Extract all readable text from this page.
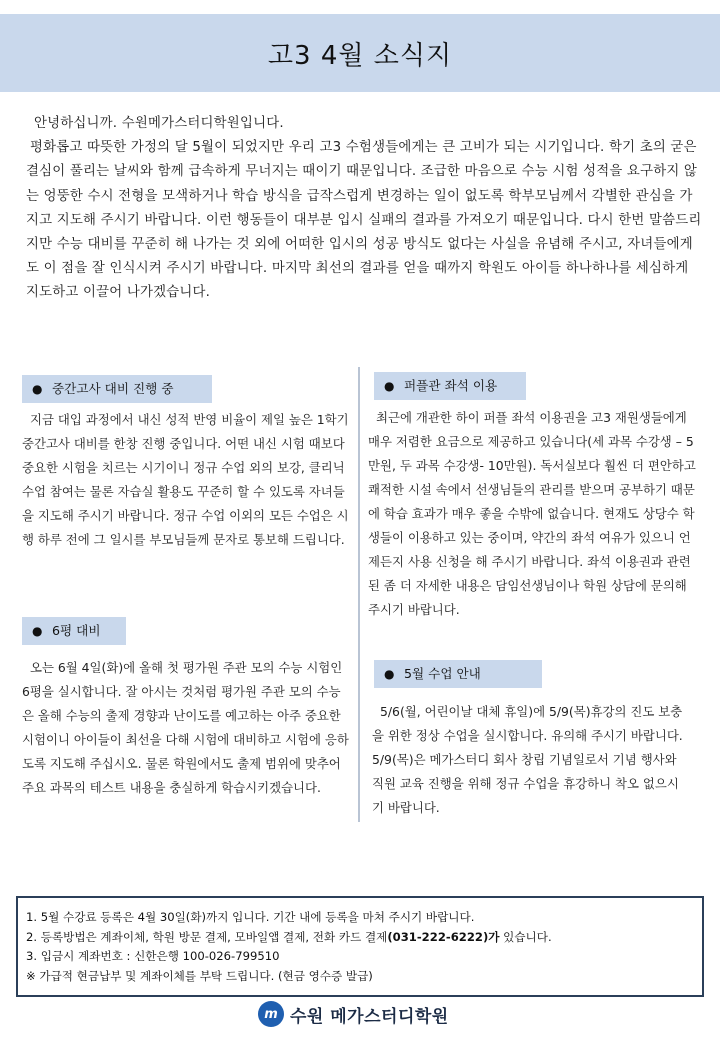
고3 4월 소식지

안녕하십니까. 수원메가스터디학원입니다.

평화롭고 따뜻한 가정의 달 5월이 되었지만 우리 고3 수험생들에게는 큰 고비가 되는 시기입니다. 학기 초의 굳은 결심이 풀리는 날씨와 함께 급속하게 무너지는 때이기 때문입니다. 조급한 마음으로 수능 시험 성적을 요구하지 않는 엉뚱한 수시 전형을 모색하거나 학습 방식을 급작스럽게 변경하는 일이 없도록 학부모님께서 각별한 관심을 가지고 지도해 주시기 바랍니다. 이런 행동들이 대부분 입시 실패의 결과를 가져오기 때문입니다. 다시 한번 말씀드리지만 수능 대비를 꾸준히 해 나가는 것 외에 어떠한 입시의 성공 방식도 없다는 사실을 유념해 주시고, 자녀들에게도 이 점을 잘 인식시켜 주시기 바랍니다. 마지막 최선의 결과를 얻을 때까지 학원도 아이들 하나하나를 세심하게 지도하고 이끌어 나가겠습니다.

● 중간고사 대비 진행 중

지금 대입 과정에서 내신 성적 반영 비율이 제일 높은 1학기 중간고사 대비를 한창 진행 중입니다. 어떤 내신 시험 때보다 중요한 시험을 치르는 시기이니 정규 수업 외의 보강, 클리닉 수업 참여는 물론 자습실 활용도 꾸준히 할 수 있도록 자녀들을 지도해 주시기 바랍니다. 정규 수업 이외의 모든 수업은 시행 하루 전에 그 일시를 부모님들께 문자로 통보해 드립니다.

● 6평 대비

오는 6월 4일(화)에 올해 첫 평가원 주관 모의 수능 시험인 6평을 실시합니다. 잘 아시는 것처럼 평가원 주관 모의 수능은 올해 수능의 출제 경향과 난이도를 예고하는 아주 중요한 시험이니 아이들이 최선을 다해 시험에 대비하고 시험에 응하도록 지도해 주십시오. 물론 학원에서도 출제 범위에 맞추어 주요 과목의 테스트 내용을 충실하게 학습시키겠습니다.

● 퍼플관 좌석 이용

최근에 개관한 하이 퍼플 좌석 이용권을 고3 재원생들에게 매우 저렴한 요금으로 제공하고 있습니다(세 과목 수강생 – 5만원, 두 과목 수강생- 10만원). 독서실보다 훨씬 더 편안하고 쾌적한 시설 속에서 선생님들의 관리를 받으며 공부하기 때문에 학습 효과가 매우 좋을 수밖에 없습니다. 현재도 상당수 학생들이 이용하고 있는 중이며, 약간의 좌석 여유가 있으니 언제든지 사용 신청을 해 주시기 바랍니다. 좌석 이용권과 관련된 좀 더 자세한 내용은 담임선생님이나 학원 상담에 문의해 주시기 바랍니다.

● 5월 수업 안내

5/6(월, 어린이날 대체 휴일)에 5/9(목)휴강의 진도 보충을 위한 정상 수업을 실시합니다. 유의해 주시기 바랍니다. 5/9(목)은 메가스터디 회사 창립 기념일로서 기념 행사와 직원 교육 진행을 위해 정규 수업을 휴강하니 착오 없으시기 바랍니다.

1. 5월 수강료 등록은 4월 30일(화)까지 입니다. 기간 내에 등록을 마쳐 주시기 바랍니다.
2. 등록방법은 계좌이체, 학원 방문 결제, 모바일앱 결제, 전화 카드 결제(031-222-6222)가 있습니다.
3. 입금시 계좌번호 : 신한은행 100-026-799510
※ 가급적 현금납부 및 계좌이체를 부탁 드립니다. (현금 영수증 발급)
m 수원 메가스터디학원
